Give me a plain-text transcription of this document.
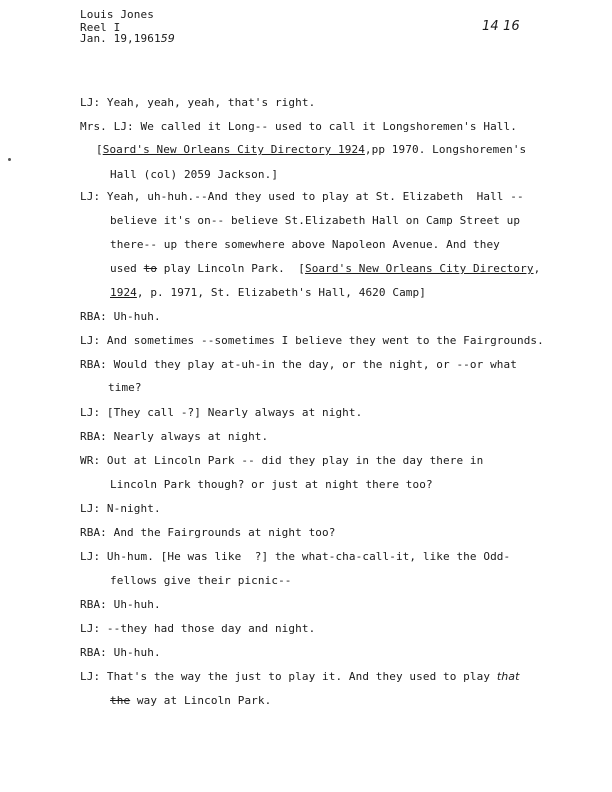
Louis Jones
Reel I
Jan. 19,196159
14 16
LJ: Yeah, yeah, yeah, that's right.
Mrs. LJ: We called it Long-- used to call it Longshoremen's Hall.
[Soard's New Orleans City Directory 1924,pp 1970. Longshoremen's
Hall (col) 2059 Jackson.]
LJ: Yeah, uh-huh.--And they used to play at St. Elizabeth  Hall --
believe it's on-- believe St.Elizabeth Hall on Camp Street up
there-- up there somewhere above Napoleon Avenue. And they
used to play Lincoln Park.  [Soard's New Orleans City Directory,
1924, p. 1971, St. Elizabeth's Hall, 4620 Camp]
RBA: Uh-huh.
LJ: And sometimes --sometimes I believe they went to the Fairgrounds.
RBA: Would they play at-uh-in the day, or the night, or --or what
time?
LJ: [They call -?] Nearly always at night.
RBA: Nearly always at night.
WR: Out at Lincoln Park -- did they play in the day there in
Lincoln Park though? or just at night there too?
LJ: N-night.
RBA: And the Fairgrounds at night too?
LJ: Uh-hum. [He was like  ?] the what-cha-call-it, like the Odd-
fellows give their picnic--
RBA: Uh-huh.
LJ: --they had those day and night.
RBA: Uh-huh.
LJ: That's the way the just to play it. And they used to play that
the way at Lincoln Park.
